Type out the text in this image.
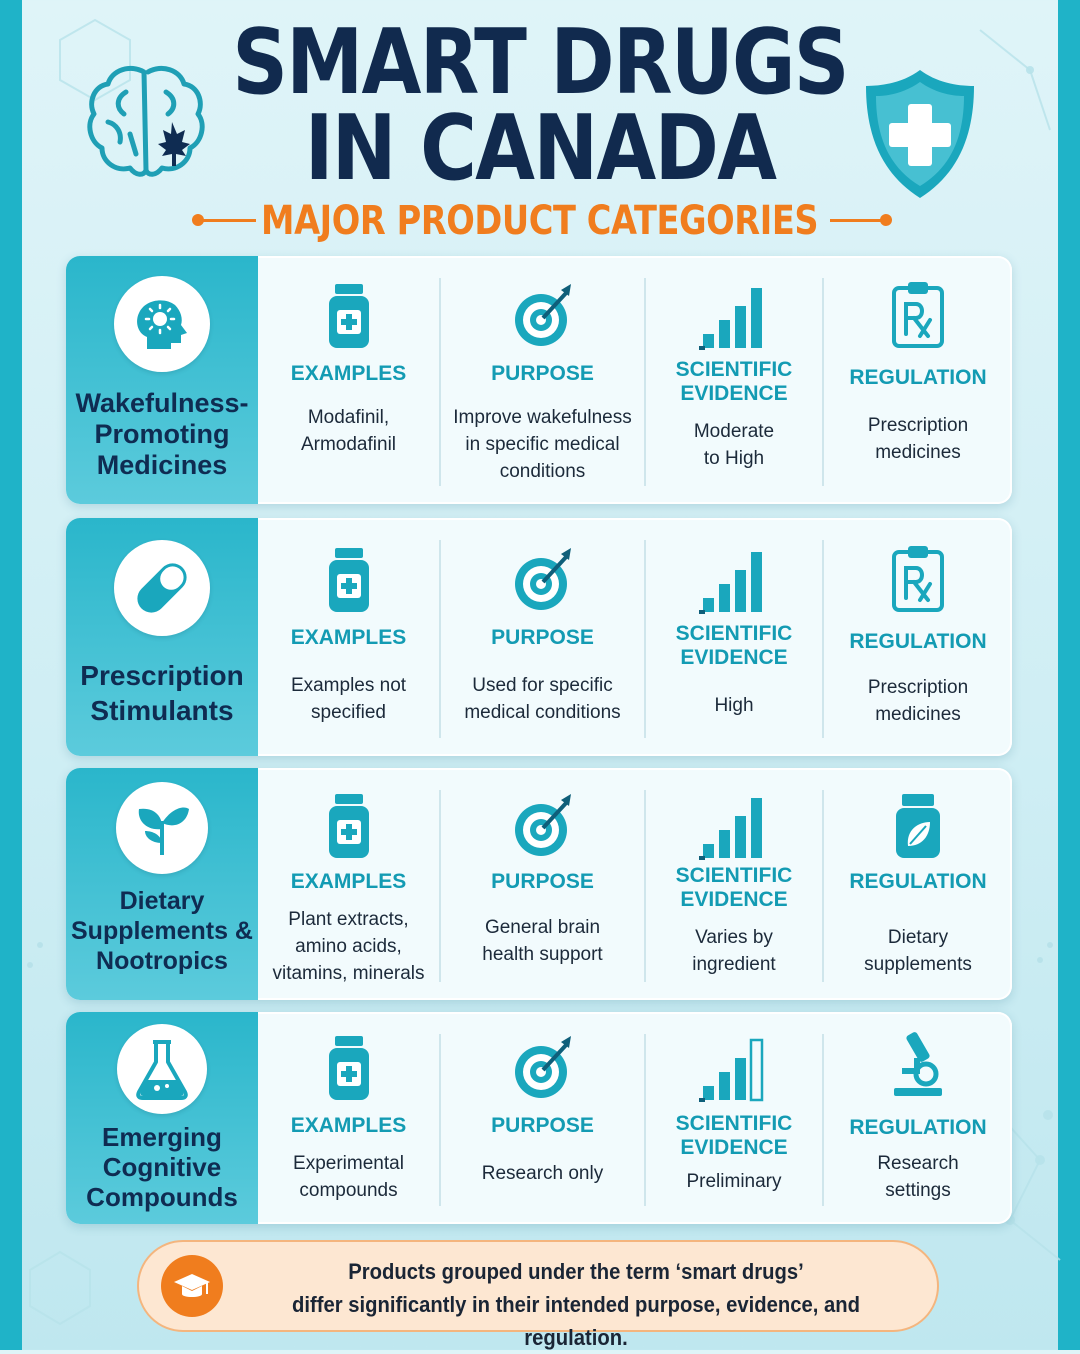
SMART DRUGS
IN CANADA
MAJOR PRODUCT CATEGORIES
Wakefulness-
Promoting
Medicines
EXAMPLES
Modafinil,
Armodafinil
PURPOSE
Improve wakefulness
in specific medical
conditions
SCIENTIFIC
EVIDENCE
Moderate
to High
REGULATION
Prescription
medicines
Prescription
Stimulants
EXAMPLES
Examples not
specified
PURPOSE
Used for specific
medical conditions
SCIENTIFIC
EVIDENCE
High
REGULATION
Prescription
medicines
Dietary
Supplements &
Nootropics
EXAMPLES
Plant extracts,
amino acids,
vitamins, minerals
PURPOSE
General brain
health support
SCIENTIFIC
EVIDENCE
Varies by
ingredient
REGULATION
Dietary
supplements
Emerging
Cognitive
Compounds
EXAMPLES
Experimental
compounds
PURPOSE
Research only
SCIENTIFIC
EVIDENCE
Preliminary
REGULATION
Research
settings
Products grouped under the term ‘smart drugs’
differ significantly in their intended purpose, evidence, and regulation.
